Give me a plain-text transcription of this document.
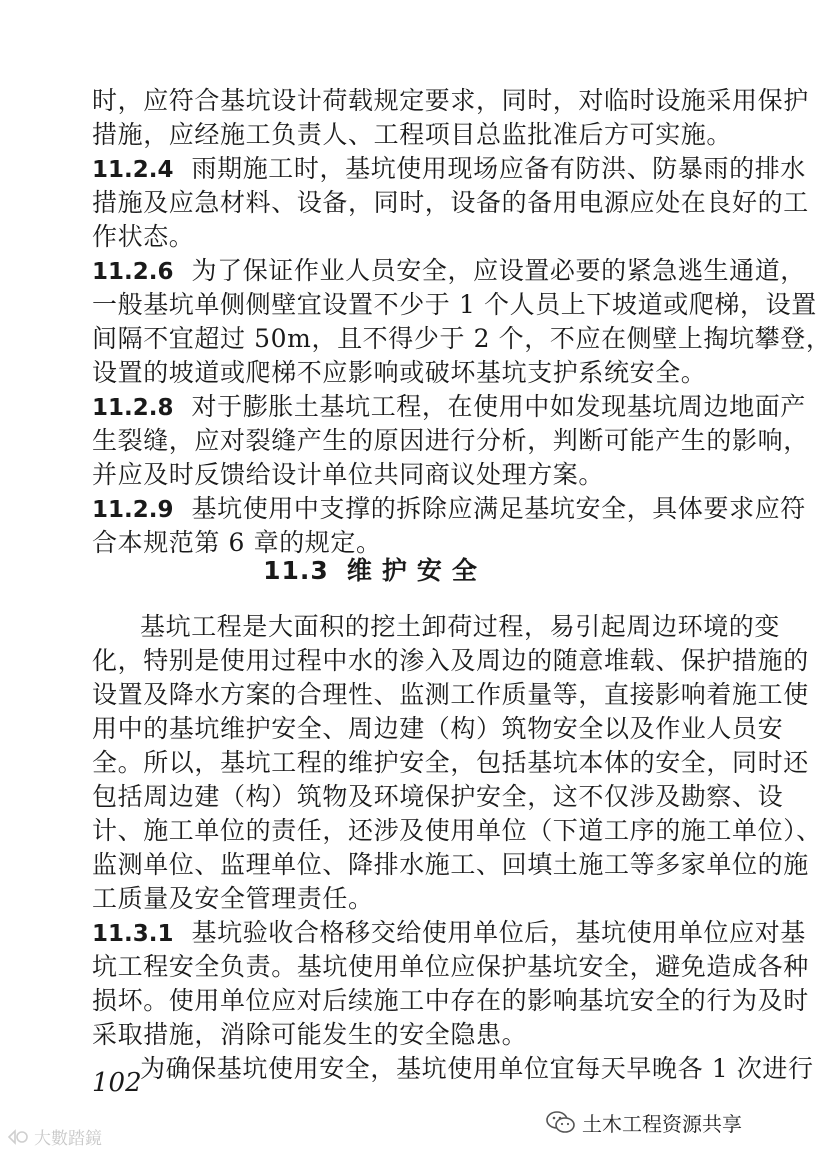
时，应符合基坑设计荷载规定要求，同时，对临时设施采用保护
措施，应经施工负责人、工程项目总监批准后方可实施。
11.2.4 雨期施工时，基坑使用现场应备有防洪、防暴雨的排水
措施及应急材料、设备，同时，设备的备用电源应处在良好的工
作状态。
11.2.6 为了保证作业人员安全，应设置必要的紧急逃生通道，
一般基坑单侧侧壁宜设置不少于 1 个人员上下坡道或爬梯，设置
间隔不宜超过 50m，且不得少于 2 个，不应在侧壁上掏坑攀登，
设置的坡道或爬梯不应影响或破坏基坑支护系统安全。
11.2.8 对于膨胀土基坑工程，在使用中如发现基坑周边地面产
生裂缝，应对裂缝产生的原因进行分析，判断可能产生的影响，
并应及时反馈给设计单位共同商议处理方案。
11.2.9 基坑使用中支撑的拆除应满足基坑安全，具体要求应符
合本规范第 6 章的规定。
11.3 维护安全
基坑工程是大面积的挖土卸荷过程，易引起周边环境的变
化，特别是使用过程中水的渗入及周边的随意堆载、保护措施的
设置及降水方案的合理性、监测工作质量等，直接影响着施工使
用中的基坑维护安全、周边建（构）筑物安全以及作业人员安
全。所以，基坑工程的维护安全，包括基坑本体的安全，同时还
包括周边建（构）筑物及环境保护安全，这不仅涉及勘察、设
计、施工单位的责任，还涉及使用单位（下道工序的施工单位）、
监测单位、监理单位、降排水施工、回填土施工等多家单位的施
工质量及安全管理责任。
11.3.1 基坑验收合格移交给使用单位后，基坑使用单位应对基
坑工程安全负责。基坑使用单位应保护基坑安全，避免造成各种
损坏。使用单位应对后续施工中存在的影响基坑安全的行为及时
采取措施，消除可能发生的安全隐患。
为确保基坑使用安全，基坑使用单位宜每天早晚各 1 次进行
102
土木工程资源共享
大數踏鏡
